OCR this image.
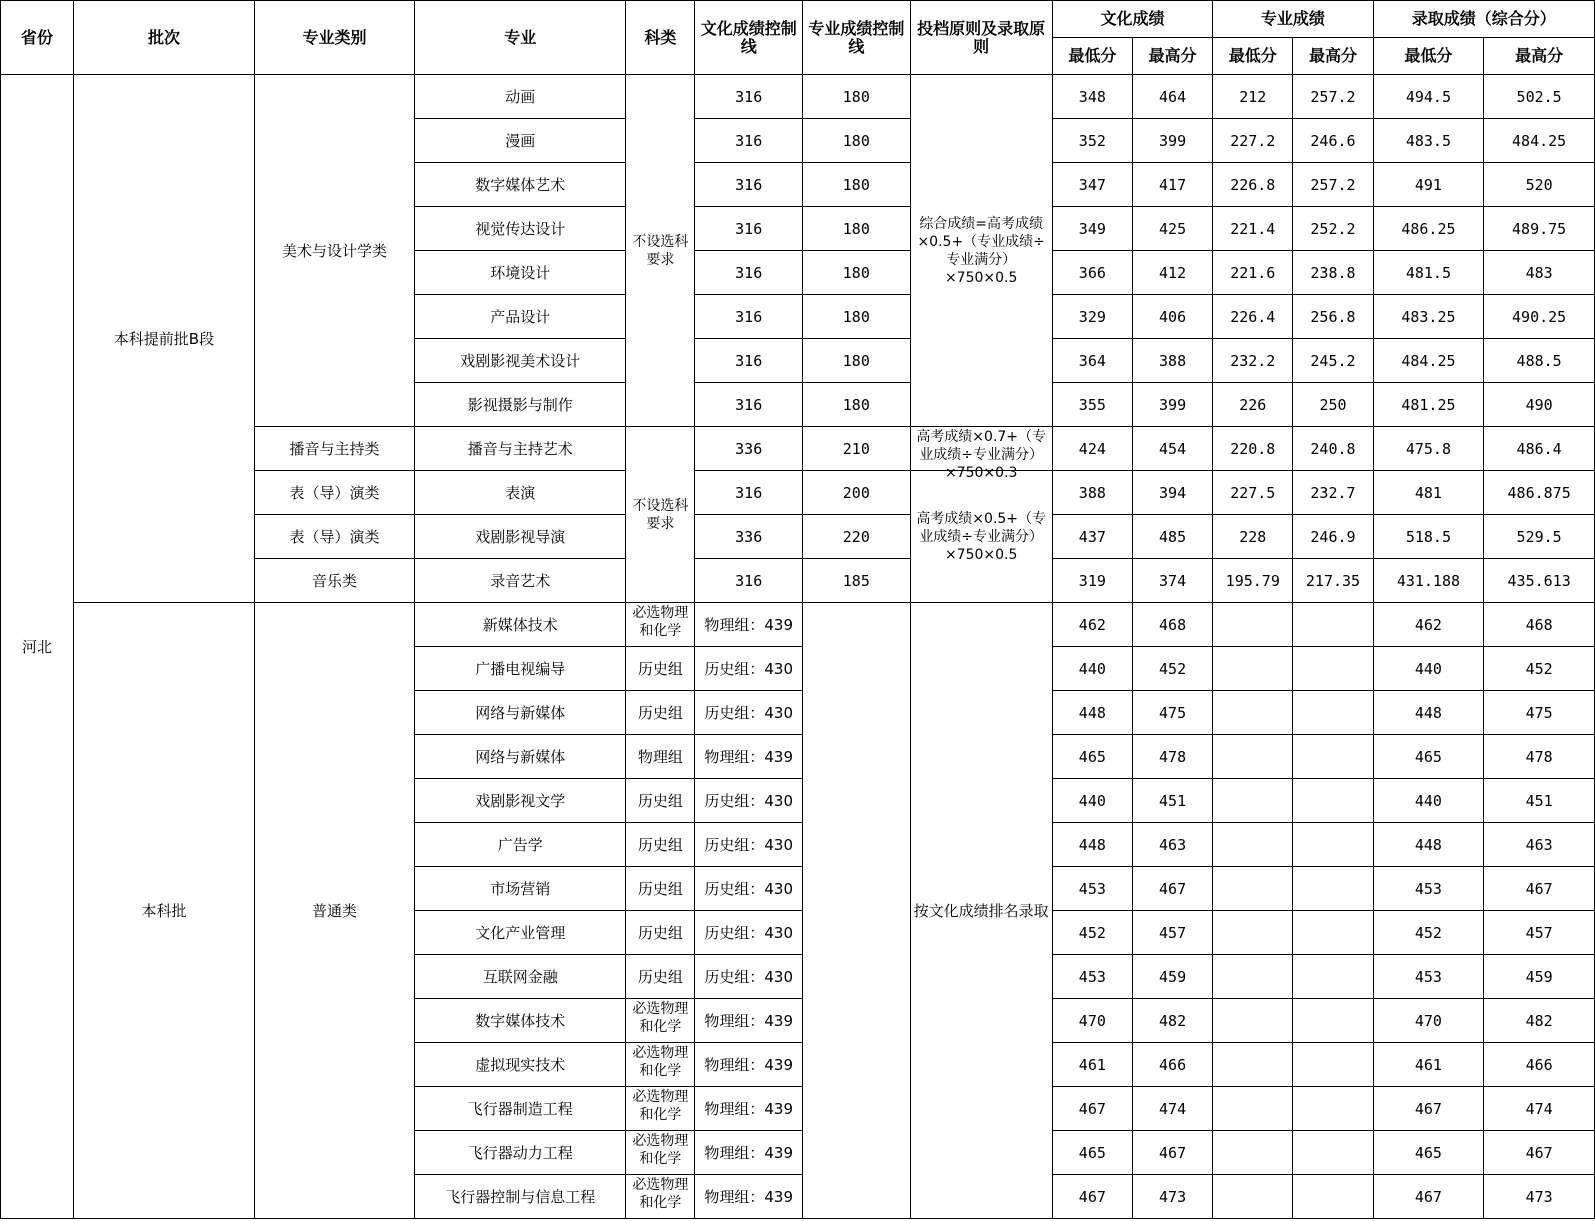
省份	批次	专业类别	专业	科类	文化成绩控制线	专业成绩控制线	投档原则及录取原则	文化成绩		专业成绩		录取成绩（综合分）	
								最低分	最高分	最低分	最高分	最低分	最高分
河北	本科提前批B段	美术与设计学类	动画	不设选科要求	316	180	综合成绩=高考成绩×0.5+（专业成绩÷专业满分）×750×0.5	348	464	212	257.2	494.5	502.5
			漫画		316	180		352	399	227.2	246.6	483.5	484.25
			数字媒体艺术		316	180		347	417	226.8	257.2	491	520
			视觉传达设计		316	180		349	425	221.4	252.2	486.25	489.75
			环境设计		316	180		366	412	221.6	238.8	481.5	483
			产品设计		316	180		329	406	226.4	256.8	483.25	490.25
			戏剧影视美术设计		316	180		364	388	232.2	245.2	484.25	488.5
			影视摄影与制作		316	180		355	399	226	250	481.25	490
		播音与主持类	播音与主持艺术	不设选科要求	336	210	高考成绩×0.7+（专业成绩÷专业满分）×750×0.3	424	454	220.8	240.8	475.8	486.4
		表（导）演类	表演		316	200	高考成绩×0.5+（专业成绩÷专业满分）×750×0.5	388	394	227.5	232.7	481	486.875
		表（导）演类	戏剧影视导演		336	220		437	485	228	246.9	518.5	529.5
		音乐类	录音艺术		316	185		319	374	195.79	217.35	431.188	435.613
	本科批	普通类	新媒体技术	必选物理和化学	物理组：439		按文化成绩排名录取	462	468			462	468
			广播电视编导	历史组	历史组：430			440	452			440	452
			网络与新媒体	历史组	历史组：430			448	475			448	475
			网络与新媒体	物理组	物理组：439			465	478			465	478
			戏剧影视文学	历史组	历史组：430			440	451			440	451
			广告学	历史组	历史组：430			448	463			448	463
			市场营销	历史组	历史组：430			453	467			453	467
			文化产业管理	历史组	历史组：430			452	457			452	457
			互联网金融	历史组	历史组：430			453	459			453	459
			数字媒体技术	必选物理和化学	物理组：439			470	482			470	482
			虚拟现实技术	必选物理和化学	物理组：439			461	466			461	466
			飞行器制造工程	必选物理和化学	物理组：439			467	474			467	474
			飞行器动力工程	必选物理和化学	物理组：439			465	467			465	467
			飞行器控制与信息工程	必选物理和化学	物理组：439			467	473			467	473
